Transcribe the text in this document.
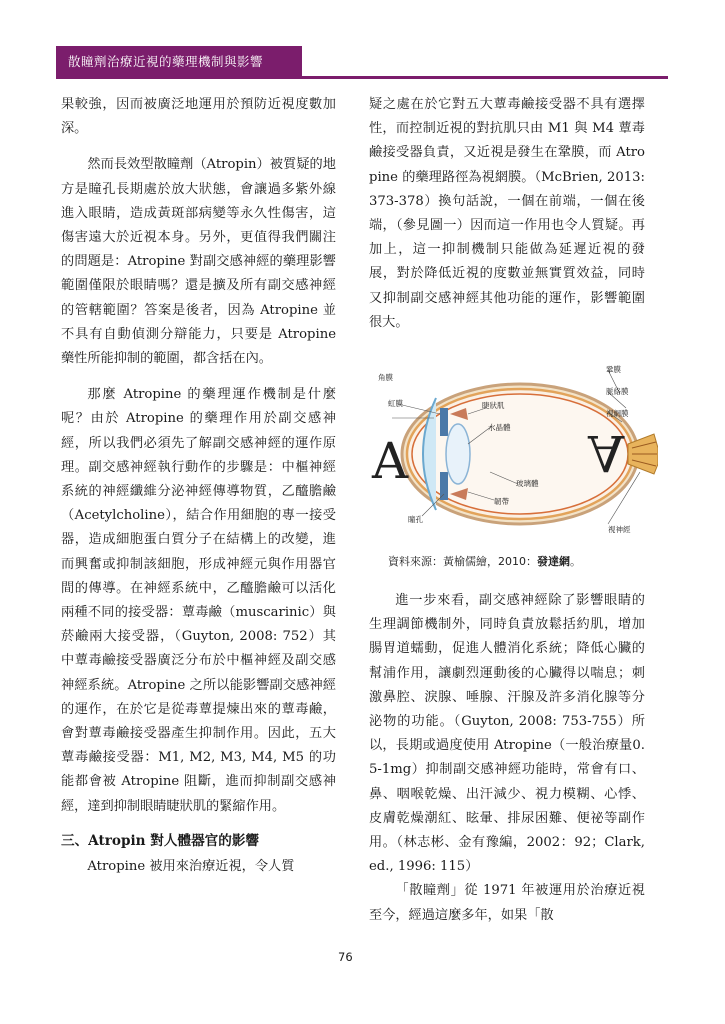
散瞳劑治療近視的藥理機制與影響

果較強，因而被廣泛地運用於預防近視度數加深。

然而長效型散瞳劑（Atropin）被質疑的地方是瞳孔長期處於放大狀態，會讓過多紫外線進入眼睛，造成黃斑部病變等永久性傷害，這傷害遠大於近視本身。另外，更值得我們關注的問題是：Atropine 對副交感神經的藥理影響範圍僅限於眼睛嗎？還是擴及所有副交感神經的管轄範圍？答案是後者，因為 Atropine 並不具有自動偵測分辯能力，只要是 Atropine 藥性所能抑制的範圍，都含括在內。

那麼 Atropine 的藥理運作機制是什麼呢？由於 Atropine 的藥理作用於副交感神經，所以我們必須先了解副交感神經的運作原理。副交感神經執行動作的步驟是：中樞神經系統的神經纖維分泌神經傳導物質，乙醯膽鹼（Acetylcholine），結合作用細胞的專一接受器，造成細胞蛋白質分子在結構上的改變，進而興奮或抑制該細胞，形成神經元與作用器官間的傳導。在神經系統中，乙醯膽鹼可以活化兩種不同的接受器：蕈毒鹼（muscarinic）與菸鹼兩大接受器，（Guyton, 2008: 752）其中蕈毒鹼接受器廣泛分布於中樞神經及副交感神經系統。Atropine 之所以能影響副交感神經的運作，在於它是從毒蕈提煉出來的蕈毒鹼，會對蕈毒鹼接受器產生抑制作用。因此，五大蕈毒鹼接受器：M1, M2, M3, M4, M5 的功能都會被 Atropine 阻斷，進而抑制副交感神經，達到抑制眼睛睫狀肌的緊縮作用。

三、Atropin 對人體器官的影響

Atropine 被用來治療近視，令人質

疑之處在於它對五大蕈毒鹼接受器不具有選擇性，而控制近視的對抗肌只由 M1 與 M4 蕈毒鹼接受器負責，又近視是發生在鞏膜，而 Atropine 的藥理路徑為視網膜。（McBrien, 2013: 373-378）換句話說，一個在前端，一個在後端，（參見圖一）因而這一作用也令人質疑。再加上，這一抑制機制只能做為延遲近視的發展，對於降低近視的度數並無實質效益，同時又抑制副交感神經其他功能的運作，影響範圍很大。

A	A
角膜
虹膜	睫狀肌
水晶體
玻璃體
韌帶
瞳孔
鞏膜
脈絡膜
視網膜
視神經
資料來源：黃榆儒繪，2010：發達網。

進一步來看，副交感神經除了影響眼睛的生理調節機制外，同時負責放鬆括約肌，增加腸胃道蠕動，促進人體消化系統；降低心臟的幫浦作用，讓劇烈運動後的心臟得以喘息；刺激鼻腔、淚腺、唾腺、汗腺及許多消化腺等分泌物的功能。（Guyton, 2008: 753-755）所以，長期或過度使用 Atropine（一般治療量0.5-1mg）抑制副交感神經功能時，常會有口、鼻、咽喉乾燥、出汗減少、視力模糊、心悸、皮膚乾燥潮紅、眩暈、排尿困難、便祕等副作用。（林志彬、金有豫編，2002：92；Clark, ed., 1996: 115）

「散瞳劑」從 1971 年被運用於治療近視至今，經過這麼多年，如果「散

76
